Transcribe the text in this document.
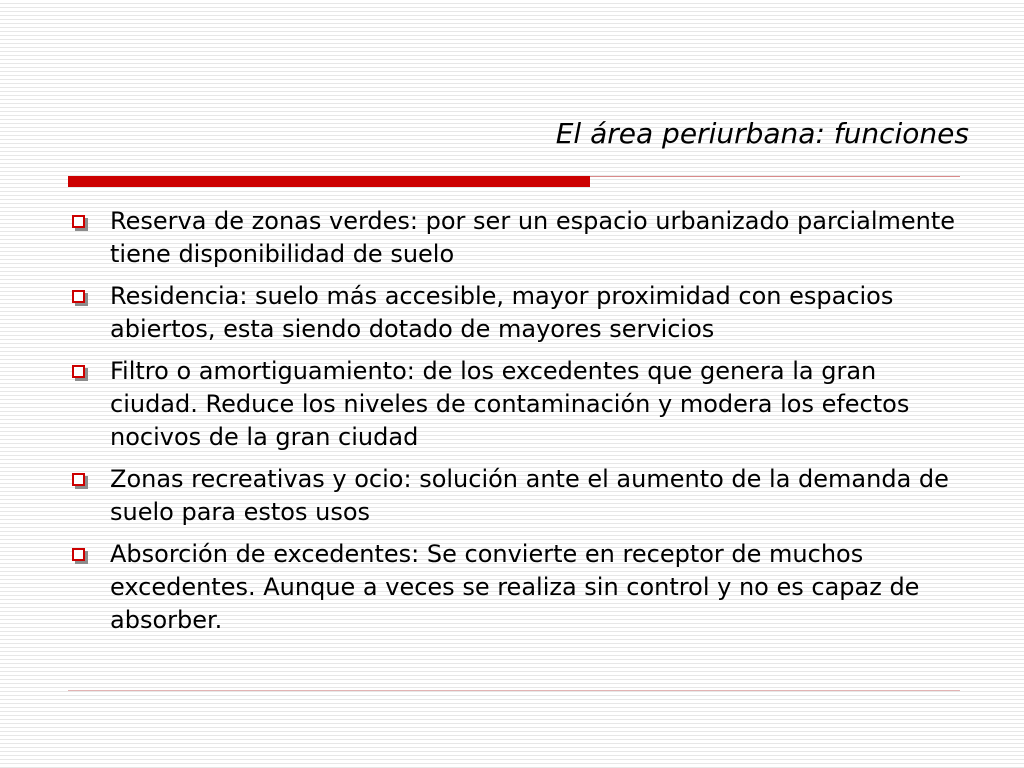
El área periurbana: funciones
Reserva de zonas verdes: por ser un espacio urbanizado parcialmente tiene disponibilidad de suelo
Residencia: suelo más accesible, mayor proximidad con espacios abiertos, esta siendo dotado de mayores servicios
Filtro o amortiguamiento: de los excedentes que genera la gran ciudad. Reduce los niveles de contaminación y modera los efectos nocivos de la gran ciudad
Zonas recreativas y ocio: solución ante el aumento de la demanda de suelo para estos usos
Absorción de excedentes: Se convierte en receptor de muchos excedentes. Aunque a veces se realiza sin control y no es capaz de absorber.
